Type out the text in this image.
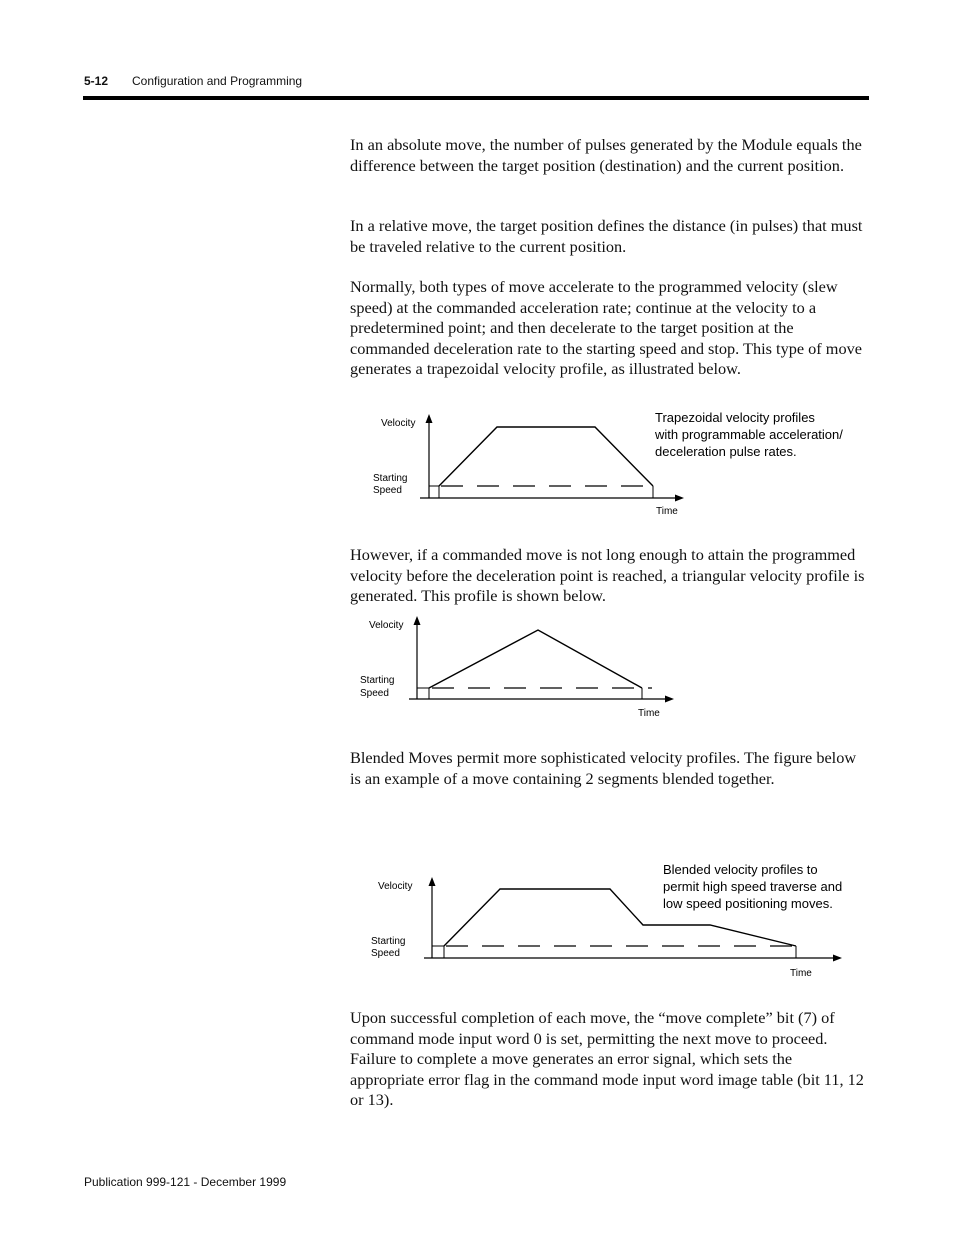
5-12 Configuration and Programming

In an absolute move, the number of pulses generated by the Module equals the difference between the target position (destination) and the current position.

In a relative move, the target position defines the distance (in pulses) that must be traveled relative to the current position.

Normally, both types of move accelerate to the programmed velocity (slew speed) at the commanded acceleration rate; continue at the velocity to a predetermined point; and then decelerate to the target position at the commanded deceleration rate to the starting speed and stop. This type of move generates a trapezoidal velocity profile, as illustrated below.

Velocity
Starting
Speed
Time
Trapezoidal velocity profiles
with programmable acceleration/
deceleration pulse rates.

However, if a commanded move is not long enough to attain the programmed velocity before the deceleration point is reached, a triangular velocity profile is generated. This profile is shown below.

Velocity
Starting
Speed
Time

Blended Moves permit more sophisticated velocity profiles. The figure below is an example of a move containing 2 segments blended together.

Velocity
Starting
Speed
Time
Blended velocity profiles to
permit high speed traverse and
low speed positioning moves.

Upon successful completion of each move, the “move complete” bit (7) of command mode input word 0 is set, permitting the next move to proceed. Failure to complete a move generates an error signal, which sets the appropriate error flag in the command mode input word image table (bit 11, 12 or 13).

Publication 999-121 - December 1999
